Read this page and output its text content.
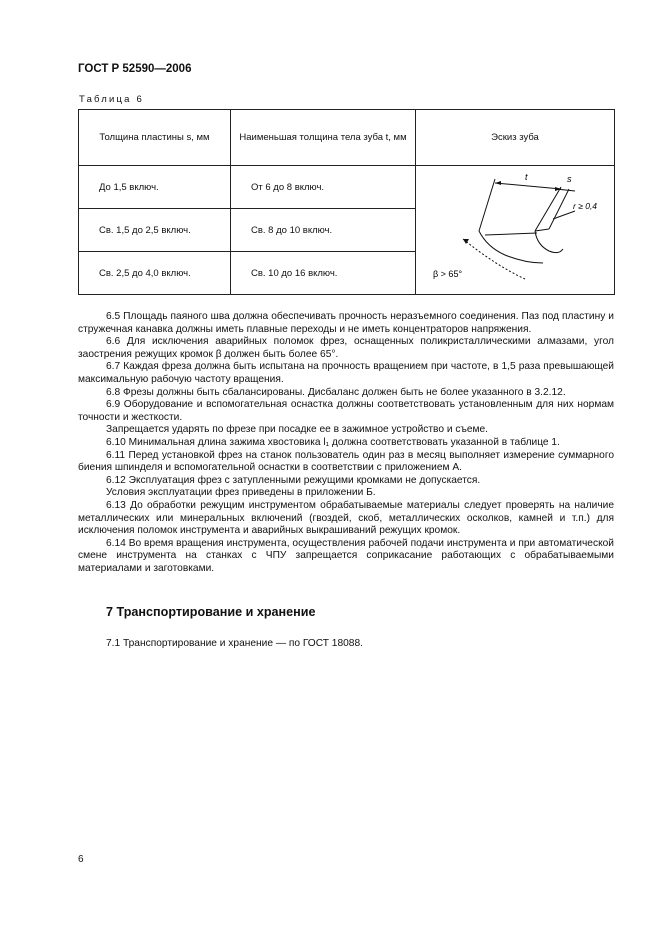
ГОСТ Р 52590—2006
Таблица 6
Толщина пластины s, мм	Наименьшая толщина тела зуба t, мм	Эскиз зуба
До 1,5 включ.	От 6 до 8 включ.	t s
r ≥ 0,4
β > 65°

Св. 1,5 до 2,5 включ.	Св. 8 до 10 включ.	
Св. 2,5 до 4,0 включ.	Св. 10 до 16 включ.	

6.5 Площадь паяного шва должна обеспечивать прочность неразъемного соединения. Паз под пластину и стружечная канавка должны иметь плавные переходы и не иметь концентраторов напряжения.

6.6 Для исключения аварийных поломок фрез, оснащенных поликристаллическими алмазами, угол заострения режущих кромок β должен быть более 65°.

6.7 Каждая фреза должна быть испытана на прочность вращением при частоте, в 1,5 раза превышающей максимальную рабочую частоту вращения.

6.8 Фрезы должны быть сбалансированы. Дисбаланс должен быть не более указанного в 3.2.12.

6.9 Оборудование и вспомогательная оснастка должны соответствовать установленным для них нормам точности и жесткости.

Запрещается ударять по фрезе при посадке ее в зажимное устройство и съеме.

6.10 Минимальная длина зажима хвостовика l₁ должна соответствовать указанной в таблице 1.

6.11 Перед установкой фрез на станок пользователь один раз в месяц выполняет измерение суммарного биения шпинделя и вспомогательной оснастки в соответствии с приложением А.

6.12 Эксплуатация фрез с затупленными режущими кромками не допускается.

Условия эксплуатации фрез приведены в приложении Б.

6.13 До обработки режущим инструментом обрабатываемые материалы следует проверять на наличие металлических или минеральных включений (гвоздей, скоб, металлических осколков, камней и т.п.) для исключения поломок инструмента и аварийных выкрашиваний режущих кромок.

6.14 Во время вращения инструмента, осуществления рабочей подачи инструмента и при автоматической смене инструмента на станках с ЧПУ запрещается соприкасание работающих с обрабатываемыми материалами и заготовками.

7 Транспортирование и хранение
7.1 Транспортирование и хранение — по ГОСТ 18088.
6
